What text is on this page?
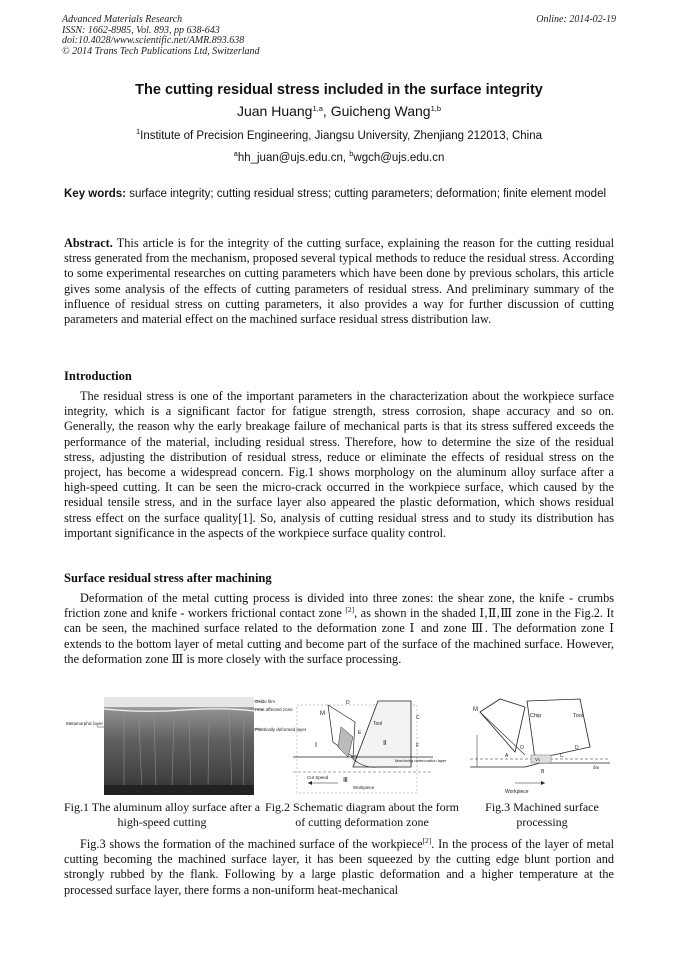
Advanced Materials Research
ISSN: 1662-8985, Vol. 893, pp 638-643
doi:10.4028/www.scientific.net/AMR.893.638
© 2014 Trans Tech Publications Ltd, Switzerland
Online: 2014-02-19
The cutting residual stress included in the surface integrity
Juan Huang$^{1,a}$, Guicheng Wang$^{1,b}$
$^1$Institute of Precision Engineering, Jiangsu University, Zhenjiang 212013, China
$^a$hh_juan@ujs.edu.cn, $^b$wgch@ujs.edu.cn
Key words: surface integrity; cutting residual stress; cutting parameters; deformation; finite element model
Abstract. This article is for the integrity of the cutting surface, explaining the reason for the cutting residual stress generated from the mechanism, proposed several typical methods to reduce the residual stress. According to some experimental researches on cutting parameters which have been done by previous scholars, this article gives some analysis of the effects of cutting parameters of residual stress. And preliminary summary of the influence of residual stress on cutting parameters, it also provides a way for further discussion of cutting parameters and material effect on the machined surface residual stress distribution law.
Introduction
The residual stress is one of the important parameters in the characterization about the workpiece surface integrity, which is a significant factor for fatigue strength, stress corrosion, shape accuracy and so on. Generally, the reason why the early breakage failure of mechanical parts is that its stress suffered exceeds the performance of the material, including residual stress. Therefore, how to determine the size of the residual stress, adjusting the distribution of residual stress, reduce or eliminate the effects of residual stress on the project, has become a widespread concern. Fig.1 shows morphology on the aluminum alloy surface after a high-speed cutting. It can be seen the micro-crack occurred in the workpiece surface, which caused by the residual tensile stress, and in the surface layer also appeared the plastic deformation, which shows residual stress effect on the surface quality[1]. So, analysis of cutting residual stress and to study its distribution has important significance in the aspects of the workpiece surface quality control.
Surface residual stress after machining
Deformation of the metal cutting process is divided into three zones: the shear zone, the knife - crumbs friction zone and knife - workers frictional contact zone [2], as shown in the shaded Ⅰ,Ⅱ,Ⅲ zone in the Fig.2. It can be seen, the machined surface related to the deformation zone Ⅰ and zone Ⅲ. The deformation zone Ⅰ extends to the bottom layer of metal cutting and become part of the surface of the machined surface. However, the deformation zone Ⅲ is more closely with the surface processing.
Oxide film
Heat affected zone
Metamorphic layer
Plastically deformed layer
Tool
Cut Speed
Workpiece
Machining deterioration layer
M
D
E
C
F
O
Ⅰ	Ⅱ
Ⅲ
Chip	Tool
Workpiece
M
A
B
C
D
O
Vc
δm
Fig.1 The aluminum alloy surface after a high-speed cutting
Fig.2 Schematic diagram about the form of cutting deformation zone
Fig.3 Machined surface processing
Fig.3 shows the formation of the machined surface of the workpiece[2]. In the process of the layer of metal cutting becoming the machined surface layer, it has been squeezed by the cutting edge blunt portion and strongly rubbed by the flank. Following by a large plastic deformation and a higher temperature at the processed surface layer, there forms a non-uniform heat-mechanical
